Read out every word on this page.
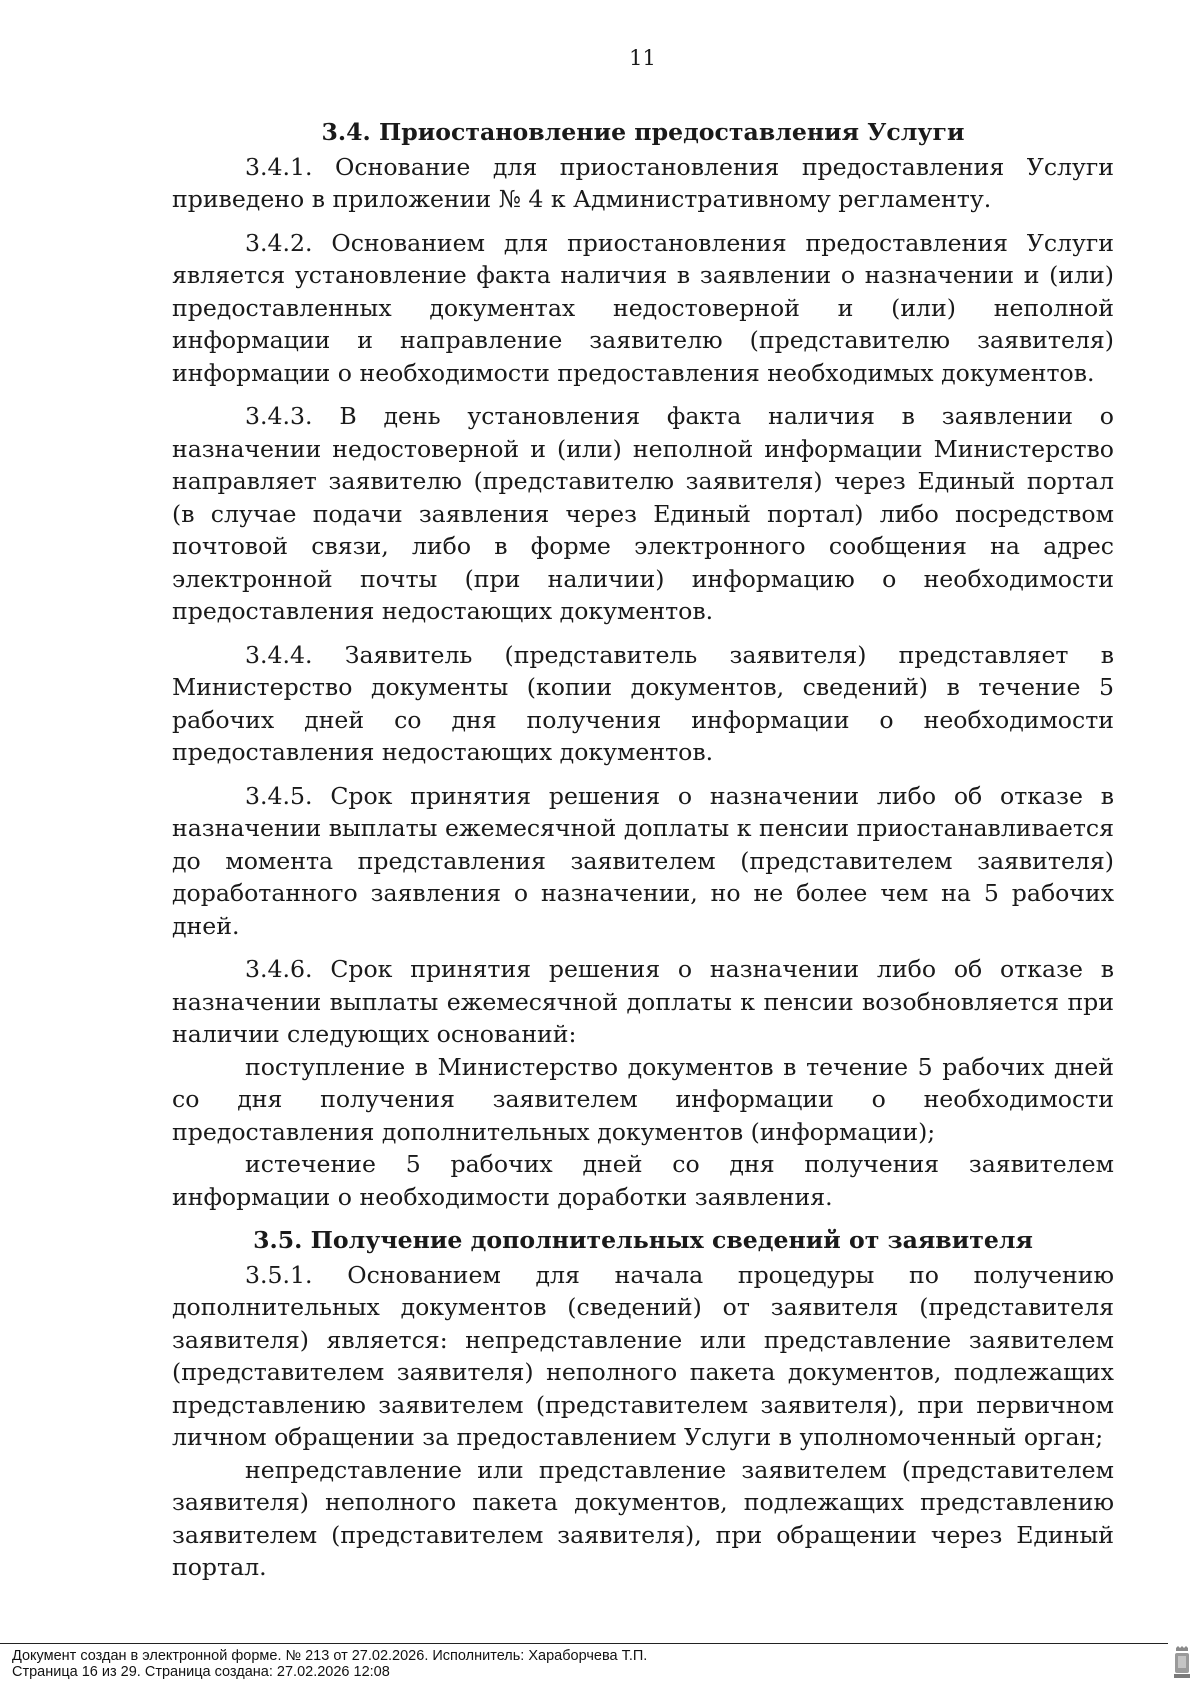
11
3.4. Приостановление предоставления Услуги

3.4.1. Основание для приостановления предоставления Услуги приведено в приложении № 4 к Административному регламенту.

3.4.2. Основанием для приостановления предоставления Услуги является установление факта наличия в заявлении о назначении и (или) предоставленных документах недостоверной и (или) неполной информации и направление заявителю (представителю заявителя) информации о необходимости предоставления необходимых документов.

3.4.3. В день установления факта наличия в заявлении о назначении недостоверной и (или) неполной информации Министерство направляет заявителю (представителю заявителя) через Единый портал (в случае подачи заявления через Единый портал) либо посредством почтовой связи, либо в форме электронного сообщения на адрес электронной почты (при наличии) информацию о необходимости предоставления недостающих документов.

3.4.4. Заявитель (представитель заявителя) представляет в Министерство документы (копии документов, сведений) в течение 5 рабочих дней со дня получения информации о необходимости предоставления недостающих документов.

3.4.5. Срок принятия решения о назначении либо об отказе в назначении выплаты ежемесячной доплаты к пенсии приостанавливается до момента представления заявителем (представителем заявителя) доработанного заявления о назначении, но не более чем на 5 рабочих дней.

3.4.6. Срок принятия решения о назначении либо об отказе в назначении выплаты ежемесячной доплаты к пенсии возобновляется при наличии следующих оснований:

поступление в Министерство документов в течение 5 рабочих дней со дня получения заявителем информации о необходимости предоставления дополнительных документов (информации);

истечение 5 рабочих дней со дня получения заявителем информации о необходимости доработки заявления.

3.5. Получение дополнительных сведений от заявителя

3.5.1. Основанием для начала процедуры по получению дополнительных документов (сведений) от заявителя (представителя заявителя) является: непредставление или представление заявителем (представителем заявителя) неполного пакета документов, подлежащих представлению заявителем (представителем заявителя), при первичном личном обращении за предоставлением Услуги в уполномоченный орган;

непредставление или представление заявителем (представителем заявителя) неполного пакета документов, подлежащих представлению заявителем (представителем заявителя), при обращении через Единый портал.

Документ создан в электронной форме. № 213 от 27.02.2026. Исполнитель: Хараборчева Т.П.
Страница 16 из 29. Страница создана: 27.02.2026 12:08
